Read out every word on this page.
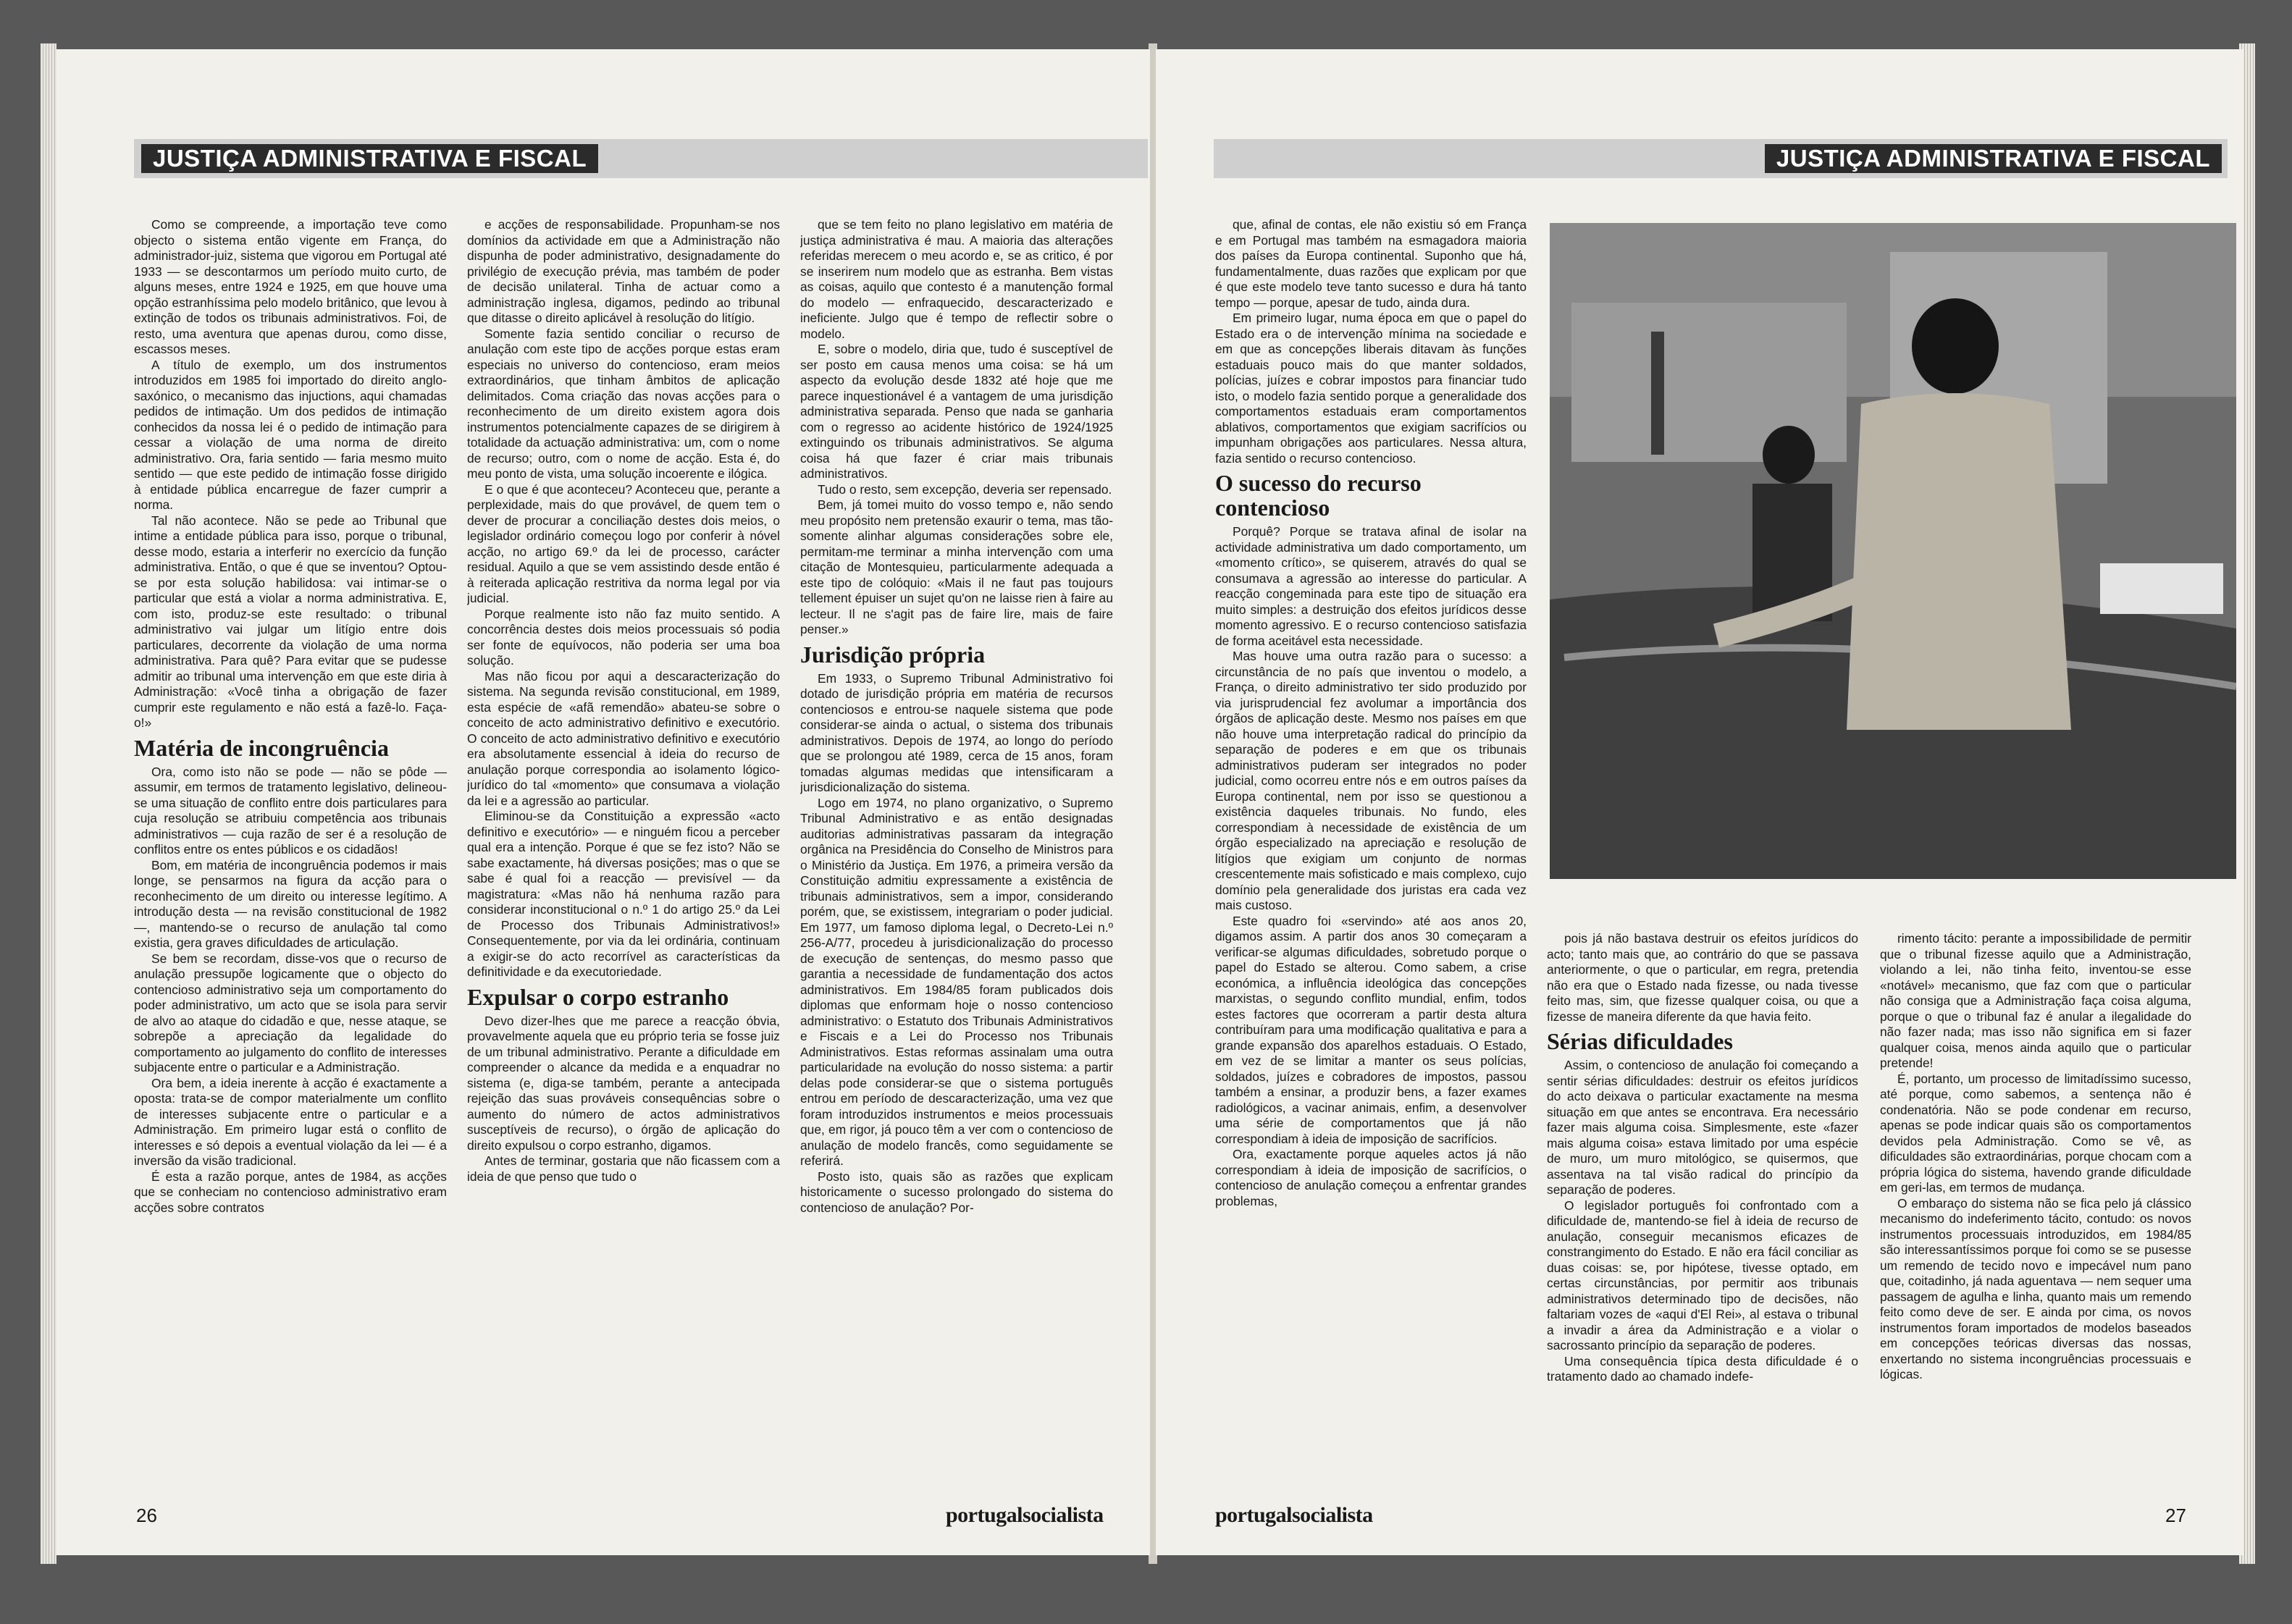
JUSTIÇA ADMINISTRATIVA E FISCAL

Como se compreende, a importação teve como objecto o sistema então vigente em França, do administrador-juiz, sistema que vigorou em Portugal até 1933 — se descontarmos um período muito curto, de alguns meses, entre 1924 e 1925, em que houve uma opção estranhíssima pelo modelo britânico, que levou à extinção de todos os tribunais administrativos. Foi, de resto, uma aventura que apenas durou, como disse, escassos meses.

A título de exemplo, um dos instrumentos introduzidos em 1985 foi importado do direito anglo-saxónico, o mecanismo das injuctions, aqui chamadas pedidos de intimação. Um dos pedidos de intimação conhecidos da nossa lei é o pedido de intimação para cessar a violação de uma norma de direito administrativo. Ora, faria sentido — faria mesmo muito sentido — que este pedido de intimação fosse dirigido à entidade pública encarregue de fazer cumprir a norma.

Tal não acontece. Não se pede ao Tribunal que intime a entidade pública para isso, porque o tribunal, desse modo, estaria a interferir no exercício da função administrativa. Então, o que é que se inventou? Optou-se por esta solução habilidosa: vai intimar-se o particular que está a violar a norma administrativa. E, com isto, produz-se este resultado: o tribunal administrativo vai julgar um litígio entre dois particulares, decorrente da violação de uma norma administrativa. Para quê? Para evitar que se pudesse admitir ao tribunal uma intervenção em que este diria à Administração: «Você tinha a obrigação de fazer cumprir este regulamento e não está a fazê-lo. Faça-o!»

Matéria de incongruência

Ora, como isto não se pode — não se pôde — assumir, em termos de tratamento legislativo, delineou-se uma situação de conflito entre dois particulares para cuja resolução se atribuiu competência aos tribunais administrativos — cuja razão de ser é a resolução de conflitos entre os entes públicos e os cidadãos!

Bom, em matéria de incongruência podemos ir mais longe, se pensarmos na figura da acção para o reconhecimento de um direito ou interesse legítimo. A introdução desta — na revisão constitucional de 1982 —, mantendo-se o recurso de anulação tal como existia, gera graves dificuldades de articulação.

Se bem se recordam, disse-vos que o recurso de anulação pressupõe logicamente que o objecto do contencioso administrativo seja um comportamento do poder administrativo, um acto que se isola para servir de alvo ao ataque do cidadão e que, nesse ataque, se sobrepõe a apreciação da legalidade do comportamento ao julgamento do conflito de interesses subjacente entre o particular e a Administração.

Ora bem, a ideia inerente à acção é exactamente a oposta: trata-se de compor materialmente um conflito de interesses subjacente entre o particular e a Administração. Em primeiro lugar está o conflito de interesses e só depois a eventual violação da lei — é a inversão da visão tradicional.

É esta a razão porque, antes de 1984, as acções que se conheciam no contencioso administrativo eram acções sobre contratos

e acções de responsabilidade. Propunham-se nos domínios da actividade em que a Administração não dispunha de poder administrativo, designadamente do privilégio de execução prévia, mas também de poder de decisão unilateral. Tinha de actuar como a administração inglesa, digamos, pedindo ao tribunal que ditasse o direito aplicável à resolução do litígio.

Somente fazia sentido conciliar o recurso de anulação com este tipo de acções porque estas eram especiais no universo do contencioso, eram meios extraordinários, que tinham âmbitos de aplicação delimitados. Coma criação das novas acções para o reconhecimento de um direito existem agora dois instrumentos potencialmente capazes de se dirigirem à totalidade da actuação administrativa: um, com o nome de recurso; outro, com o nome de acção. Esta é, do meu ponto de vista, uma solução incoerente e ilógica.

E o que é que aconteceu? Aconteceu que, perante a perplexidade, mais do que provável, de quem tem o dever de procurar a conciliação destes dois meios, o legislador ordinário começou logo por conferir à nóvel acção, no artigo 69.º da lei de processo, carácter residual. Aquilo a que se vem assistindo desde então é à reiterada aplicação restritiva da norma legal por via judicial.

Porque realmente isto não faz muito sentido. A concorrência destes dois meios processuais só podia ser fonte de equívocos, não poderia ser uma boa solução.

Mas não ficou por aqui a descaracterização do sistema. Na segunda revisão constitucional, em 1989, esta espécie de «afã remendão» abateu-se sobre o conceito de acto administrativo definitivo e executório. O conceito de acto administrativo definitivo e executório era absolutamente essencial à ideia do recurso de anulação porque correspondia ao isolamento lógico-jurídico do tal «momento» que consumava a violação da lei e a agressão ao particular.

Eliminou-se da Constituição a expressão «acto definitivo e executório» — e ninguém ficou a perceber qual era a intenção. Porque é que se fez isto? Não se sabe exactamente, há diversas posições; mas o que se sabe é qual foi a reacção — previsível — da magistratura: «Mas não há nenhuma razão para considerar inconstitucional o n.º 1 do artigo 25.º da Lei de Processo dos Tribunais Administrativos!» Consequentemente, por via da lei ordinária, continuam a exigir-se do acto recorrível as características da definitividade e da executoriedade.

Expulsar o corpo estranho

Devo dizer-lhes que me parece a reacção óbvia, provavelmente aquela que eu próprio teria se fosse juiz de um tribunal administrativo. Perante a dificuldade em compreender o alcance da medida e a enquadrar no sistema (e, diga-se também, perante a antecipada rejeição das suas prováveis consequências sobre o aumento do número de actos administrativos susceptíveis de recurso), o órgão de aplicação do direito expulsou o corpo estranho, digamos.

Antes de terminar, gostaria que não ficassem com a ideia de que penso que tudo o

que se tem feito no plano legislativo em matéria de justiça administrativa é mau. A maioria das alterações referidas merecem o meu acordo e, se as critico, é por se inserirem num modelo que as estranha. Bem vistas as coisas, aquilo que contesto é a manutenção formal do modelo — enfraquecido, descaracterizado e ineficiente. Julgo que é tempo de reflectir sobre o modelo.

E, sobre o modelo, diria que, tudo é susceptível de ser posto em causa menos uma coisa: se há um aspecto da evolução desde 1832 até hoje que me parece inquestionável é a vantagem de uma jurisdição administrativa separada. Penso que nada se ganharia com o regresso ao acidente histórico de 1924/1925 extinguindo os tribunais administrativos. Se alguma coisa há que fazer é criar mais tribunais administrativos.

Tudo o resto, sem excepção, deveria ser repensado.

Bem, já tomei muito do vosso tempo e, não sendo meu propósito nem pretensão exaurir o tema, mas tão-somente alinhar algumas considerações sobre ele, permitam-me terminar a minha intervenção com uma citação de Montesquieu, particularmente adequada a este tipo de colóquio: «Mais il ne faut pas toujours tellement épuiser un sujet qu'on ne laisse rien à faire au lecteur. Il ne s'agit pas de faire lire, mais de faire penser.»

Jurisdição própria

Em 1933, o Supremo Tribunal Administrativo foi dotado de jurisdição própria em matéria de recursos contenciosos e entrou-se naquele sistema que pode considerar-se ainda o actual, o sistema dos tribunais administrativos. Depois de 1974, ao longo do período que se prolongou até 1989, cerca de 15 anos, foram tomadas algumas medidas que intensificaram a jurisdicionalização do sistema.

Logo em 1974, no plano organizativo, o Supremo Tribunal Administrativo e as então designadas auditorias administrativas passaram da integração orgânica na Presidência do Conselho de Ministros para o Ministério da Justiça. Em 1976, a primeira versão da Constituição admitiu expressamente a existência de tribunais administrativos, sem a impor, considerando porém, que, se existissem, integrariam o poder judicial. Em 1977, um famoso diploma legal, o Decreto-Lei n.º 256-A/77, procedeu à jurisdicionalização do processo de execução de sentenças, do mesmo passo que garantia a necessidade de fundamentação dos actos administrativos. Em 1984/85 foram publicados dois diplomas que enformam hoje o nosso contencioso administrativo: o Estatuto dos Tribunais Administrativos e Fiscais e a Lei do Processo nos Tribunais Administrativos. Estas reformas assinalam uma outra particularidade na evolução do nosso sistema: a partir delas pode considerar-se que o sistema português entrou em período de descaracterização, uma vez que foram introduzidos instrumentos e meios processuais que, em rigor, já pouco têm a ver com o contencioso de anulação de modelo francês, como seguidamente se referirá.

Posto isto, quais são as razões que explicam historicamente o sucesso prolongado do sistema do contencioso de anulação? Por-

26	portugalsocialista
JUSTIÇA ADMINISTRATIVA E FISCAL

que, afinal de contas, ele não existiu só em França e em Portugal mas também na esmagadora maioria dos países da Europa continental. Suponho que há, fundamentalmente, duas razões que explicam por que é que este modelo teve tanto sucesso e dura há tanto tempo — porque, apesar de tudo, ainda dura.

Em primeiro lugar, numa época em que o papel do Estado era o de intervenção mínima na sociedade e em que as concepções liberais ditavam às funções estaduais pouco mais do que manter soldados, polícias, juízes e cobrar impostos para financiar tudo isto, o modelo fazia sentido porque a generalidade dos comportamentos estaduais eram comportamentos ablativos, comportamentos que exigiam sacrifícios ou impunham obrigações aos particulares. Nessa altura, fazia sentido o recurso contencioso.

O sucesso do recurso contencioso

Porquê? Porque se tratava afinal de isolar na actividade administrativa um dado comportamento, um «momento crítico», se quiserem, através do qual se consumava a agressão ao interesse do particular. A reacção congeminada para este tipo de situação era muito simples: a destruição dos efeitos jurídicos desse momento agressivo. E o recurso contencioso satisfazia de forma aceitável esta necessidade.

Mas houve uma outra razão para o sucesso: a circunstância de no país que inventou o modelo, a França, o direito administrativo ter sido produzido por via jurisprudencial fez avolumar a importância dos órgãos de aplicação deste. Mesmo nos países em que não houve uma interpretação radical do princípio da separação de poderes e em que os tribunais administrativos puderam ser integrados no poder judicial, como ocorreu entre nós e em outros países da Europa continental, nem por isso se questionou a existência daqueles tribunais. No fundo, eles correspondiam à necessidade de existência de um órgão especializado na apreciação e resolução de litígios que exigiam um conjunto de normas crescentemente mais sofisticado e mais complexo, cujo domínio pela generalidade dos juristas era cada vez mais custoso.

Este quadro foi «servindo» até aos anos 20, digamos assim. A partir dos anos 30 começaram a verificar-se algumas dificuldades, sobretudo porque o papel do Estado se alterou. Como sabem, a crise económica, a influência ideológica das concepções marxistas, o segundo conflito mundial, enfim, todos estes factores que ocorreram a partir desta altura contribuíram para uma modificação qualitativa e para a grande expansão dos aparelhos estaduais. O Estado, em vez de se limitar a manter os seus polícias, soldados, juízes e cobradores de impostos, passou também a ensinar, a produzir bens, a fazer exames radiológicos, a vacinar animais, enfim, a desenvolver uma série de comportamentos que já não correspondiam à ideia de imposição de sacrifícios.

Ora, exactamente porque aqueles actos já não correspondiam à ideia de imposição de sacrifícios, o contencioso de anulação começou a enfrentar grandes problemas,

pois já não bastava destruir os efeitos jurídicos do acto; tanto mais que, ao contrário do que se passava anteriormente, o que o particular, em regra, pretendia não era que o Estado nada fizesse, ou nada tivesse feito mas, sim, que fizesse qualquer coisa, ou que a fizesse de maneira diferente da que havia feito.

Sérias dificuldades

Assim, o contencioso de anulação foi começando a sentir sérias dificuldades: destruir os efeitos jurídicos do acto deixava o particular exactamente na mesma situação em que antes se encontrava. Era necessário fazer mais alguma coisa. Simplesmente, este «fazer mais alguma coisa» estava limitado por uma espécie de muro, um muro mitológico, se quisermos, que assentava na tal visão radical do princípio da separação de poderes.

O legislador português foi confrontado com a dificuldade de, mantendo-se fiel à ideia de recurso de anulação, conseguir mecanismos eficazes de constrangimento do Estado. E não era fácil conciliar as duas coisas: se, por hipótese, tivesse optado, em certas circunstâncias, por permitir aos tribunais administrativos determinado tipo de decisões, não faltariam vozes de «aqui d'El Rei», al estava o tribunal a invadir a área da Administração e a violar o sacrossanto princípio da separação de poderes.

Uma consequência típica desta dificuldade é o tratamento dado ao chamado indefe-

rimento tácito: perante a impossibilidade de permitir que o tribunal fizesse aquilo que a Administração, violando a lei, não tinha feito, inventou-se esse «notável» mecanismo, que faz com que o particular não consiga que a Administração faça coisa alguma, porque o que o tribunal faz é anular a ilegalidade do não fazer nada; mas isso não significa em si fazer qualquer coisa, menos ainda aquilo que o particular pretende!

É, portanto, um processo de limitadíssimo sucesso, até porque, como sabemos, a sentença não é condenatória. Não se pode condenar em recurso, apenas se pode indicar quais são os comportamentos devidos pela Administração. Como se vê, as dificuldades são extraordinárias, porque chocam com a própria lógica do sistema, havendo grande dificuldade em geri-las, em termos de mudança.

O embaraço do sistema não se fica pelo já clássico mecanismo do indeferimento tácito, contudo: os novos instrumentos processuais introduzidos, em 1984/85 são interessantíssimos porque foi como se se pusesse um remendo de tecido novo e impecável num pano que, coitadinho, já nada aguentava — nem sequer uma passagem de agulha e linha, quanto mais um remendo feito como deve de ser. E ainda por cima, os novos instrumentos foram importados de modelos baseados em concepções teóricas diversas das nossas, enxertando no sistema incongruências processuais e lógicas.

27
portugalsocialista
